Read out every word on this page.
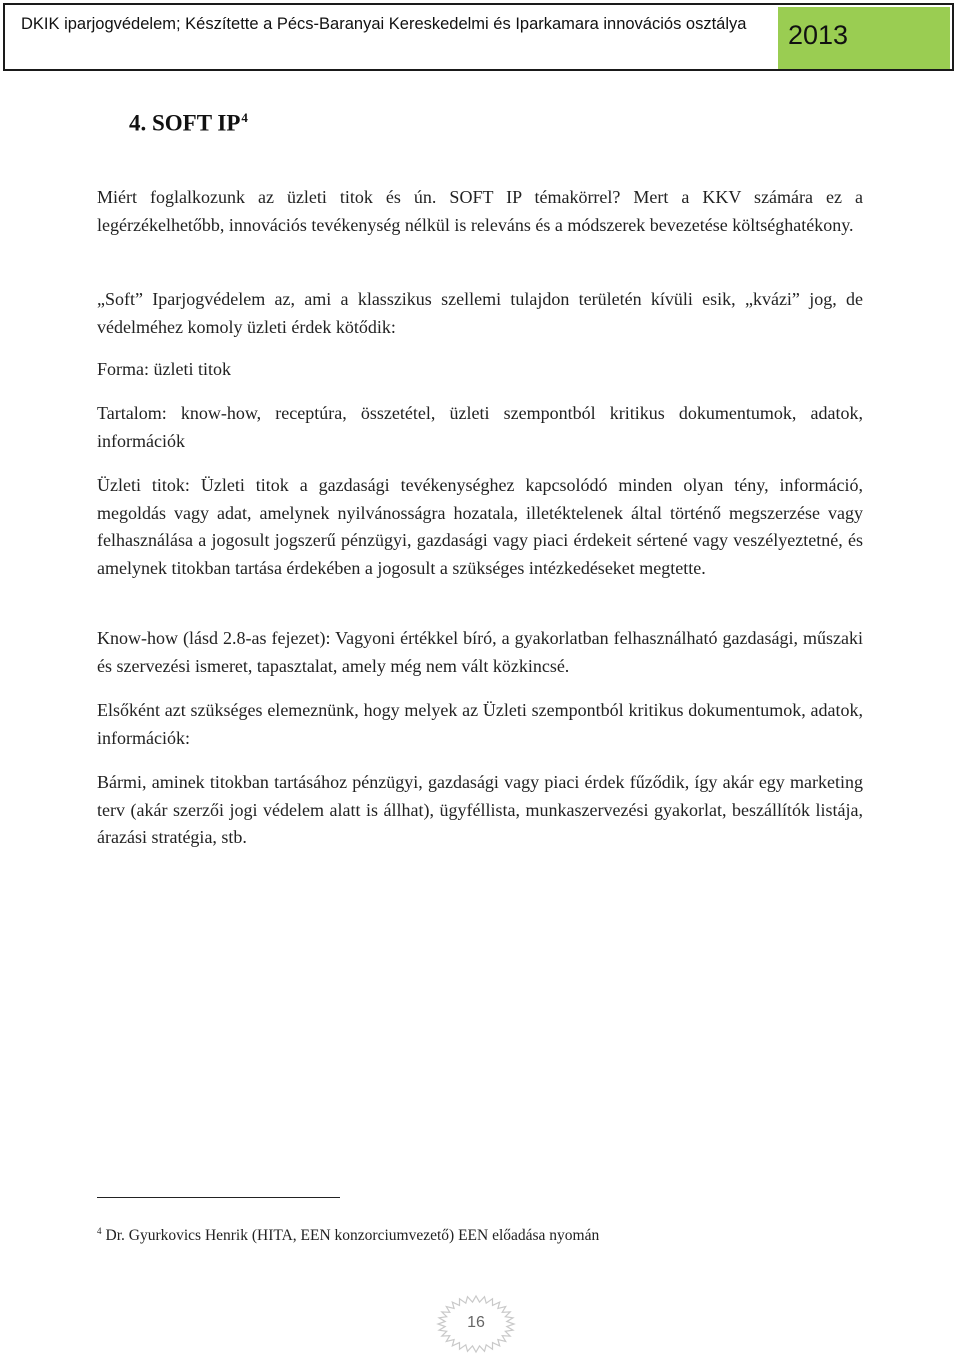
DKIK iparjogvédelem; Készítette a Pécs-Baranyai Kereskedelmi és Iparkamara innovációs osztálya	2013
4. SOFT $IP^4$

Miért foglalkozunk az üzleti titok és ún. SOFT IP témakörrel? Mert a KKV számára ez a legérzékelhetőbb, innovációs tevékenység nélkül is releváns és a módszerek bevezetése költséghatékony.

„Soft” Iparjogvédelem az, ami a klasszikus szellemi tulajdon területén kívüli esik, „kvázi” jog, de védelméhez komoly üzleti érdek kötődik:

Forma: üzleti titok

Tartalom: know-how, receptúra, összetétel, üzleti szempontból kritikus dokumentumok, adatok, információk

Üzleti titok: Üzleti titok a gazdasági tevékenységhez kapcsolódó minden olyan tény, információ, megoldás vagy adat, amelynek nyilvánosságra hozatala, illetéktelenek által történő megszerzése vagy felhasználása a jogosult jogszerű pénzügyi, gazdasági vagy piaci érdekeit sértené vagy veszélyeztetné, és amelynek titokban tartása érdekében a jogosult a szükséges intézkedéseket megtette.

Know-how (lásd 2.8-as fejezet): Vagyoni értékkel bíró, a gyakorlatban felhasználható gazdasági, műszaki és szervezési ismeret, tapasztalat, amely még nem vált közkincsé.

Elsőként azt szükséges elemeznünk, hogy melyek az Üzleti szempontból kritikus dokumentumok, adatok, információk:

Bármi, aminek titokban tartásához pénzügyi, gazdasági vagy piaci érdek fűződik, így akár egy marketing terv (akár szerzői jogi védelem alatt is állhat), ügyféllista, munkaszervezési gyakorlat, beszállítók listája, árazási stratégia, stb.

$^4$ Dr. Gyurkovics Henrik (HITA, EEN konzorciumvezető) EEN előadása nyomán
16
